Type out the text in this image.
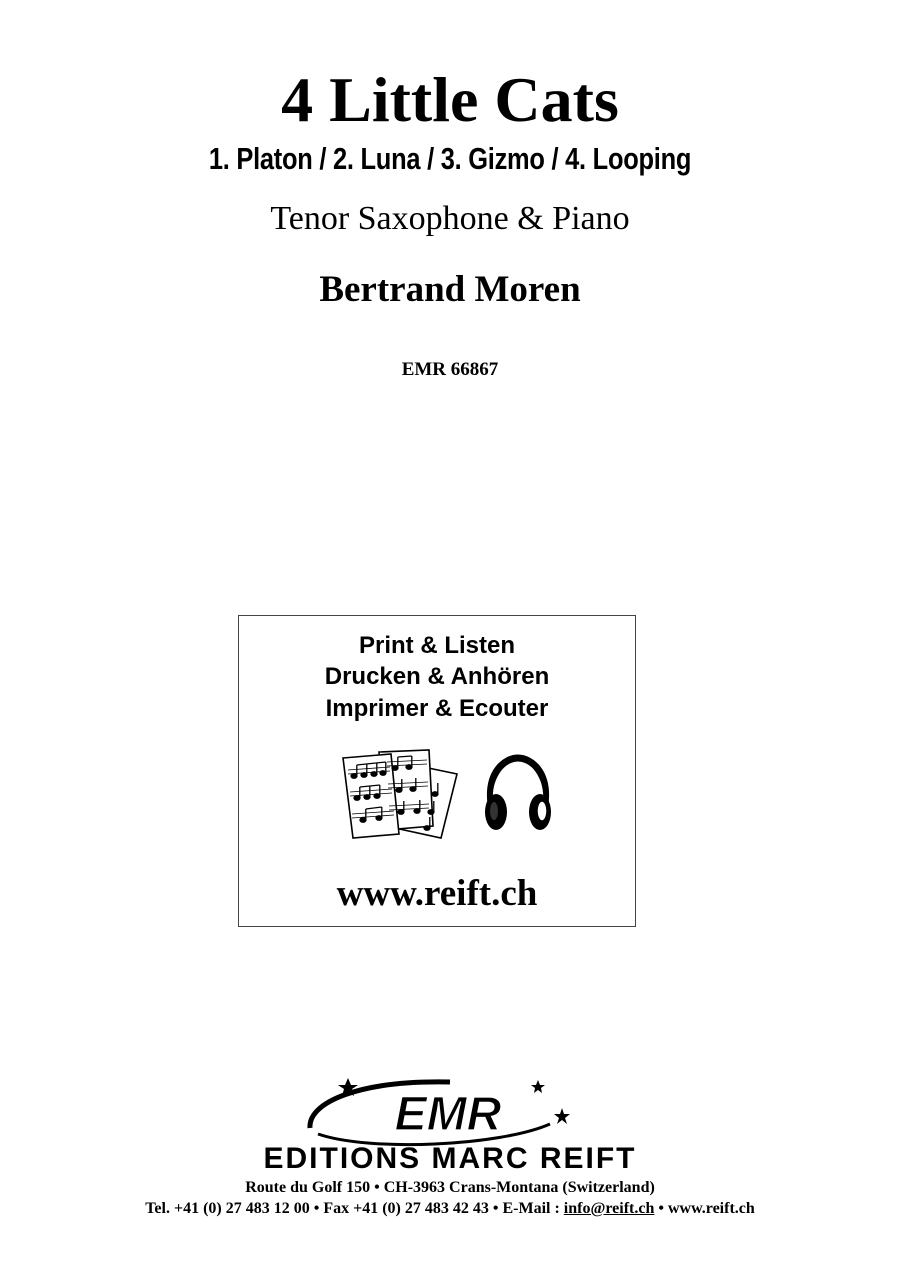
4 Little Cats
1. Platon / 2. Luna / 3. Gizmo / 4. Looping
Tenor Saxophone & Piano
Bertrand Moren
EMR 66867
Print & Listen
Drucken & Anhören
Imprimer & Ecouter
www.reift.ch
EMR
EDITIONS MARC REIFT
Route du Golf 150 • CH-3963 Crans-Montana (Switzerland)
Tel. +41 (0) 27 483 12 00 • Fax +41 (0) 27 483 42 43 • E-Mail : info@reift.ch • www.reift.ch
